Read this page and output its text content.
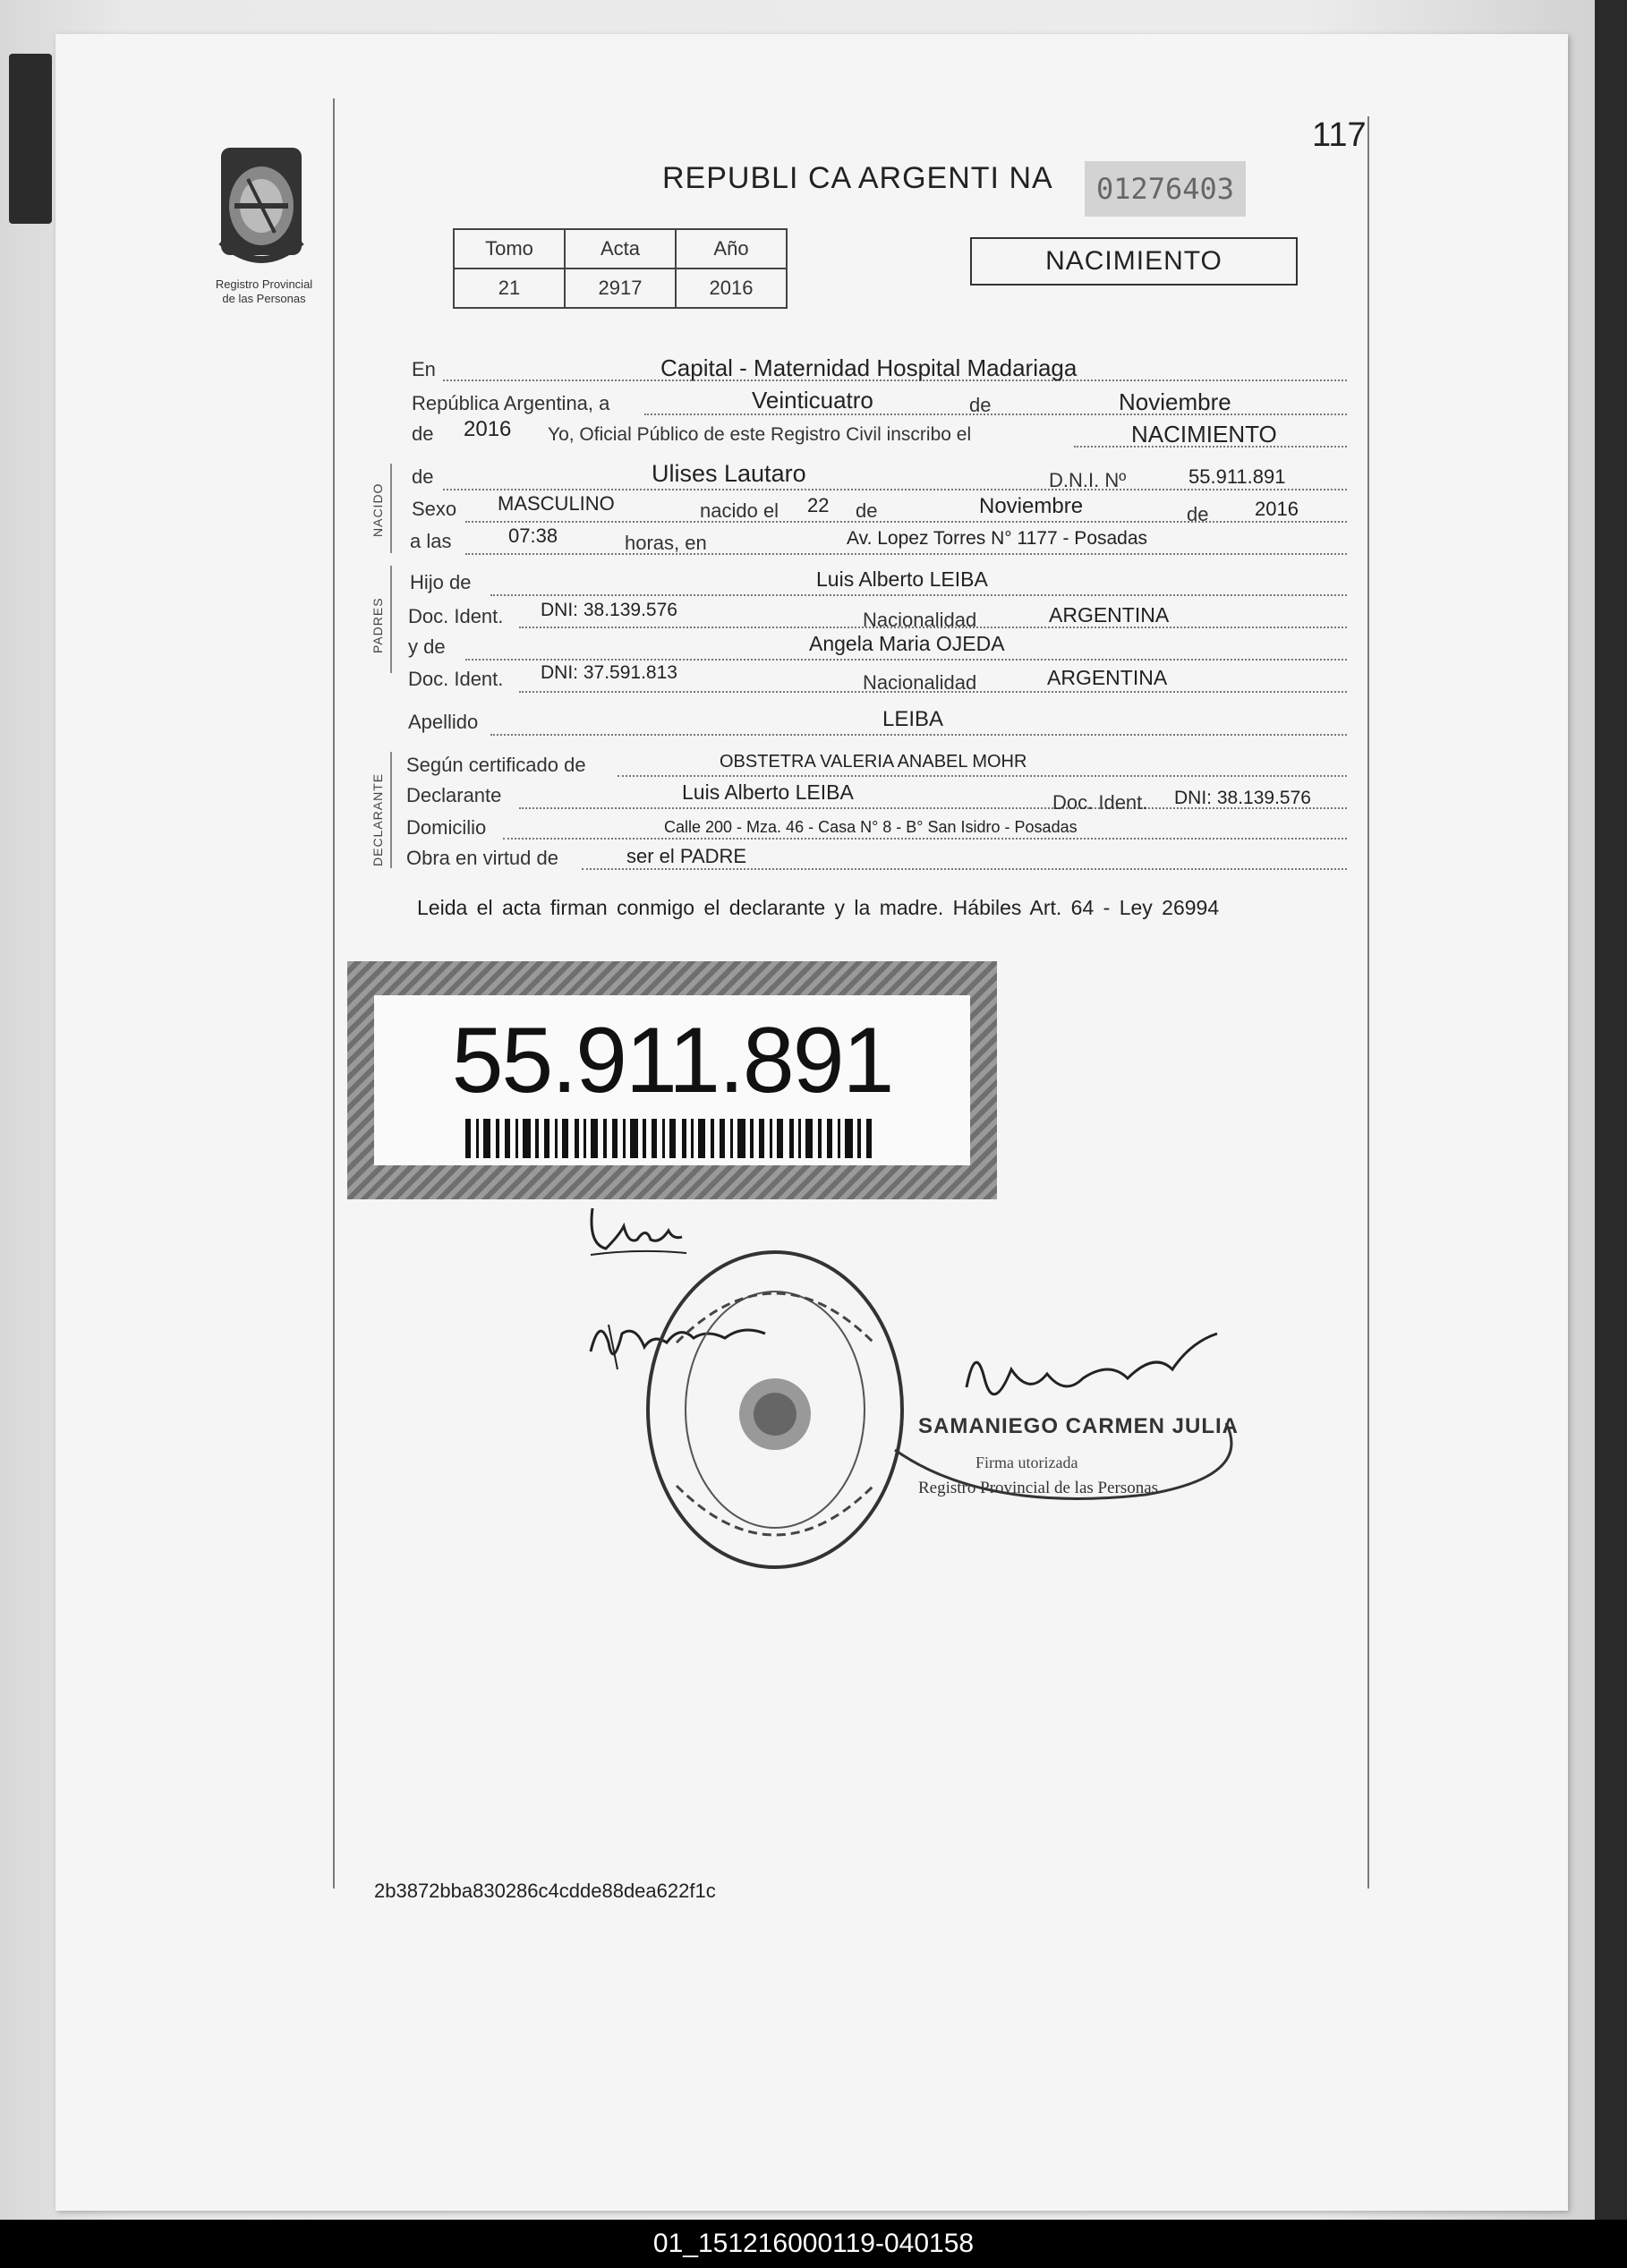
117
Registro Provincial
de las Personas
REPUBLI CA ARGENTI NA	01276403
Tomo	Acta	Año
21	2917	2016
NACIMIENTO
En	Capital - Maternidad Hospital Madariaga
República Argentina, a	Veinticuatro	de	Noviembre
de 2016 Yo, Oficial Público de este Registro Civil inscribo el	NACIMIENTO
NACIDO
de	Ulises Lautaro	D.N.I. Nº	55.911.891
Sexo MASCULINO	nacido el 22 de	Noviembre	de 2016
a las	07:38	horas, en	Av. Lopez Torres N° 1177 - Posadas
PADRES
Hijo de	Luis Alberto LEIBA
Doc. Ident. DNI: 38.139.576	Nacionalidad	ARGENTINA
y de	Angela Maria OJEDA
Doc. Ident. DNI: 37.591.813	Nacionalidad	ARGENTINA
Apellido	LEIBA
DECLARANTE
Según certificado de	OBSTETRA VALERIA ANABEL MOHR
Declarante	Luis Alberto LEIBA	Doc. Ident. DNI: 38.139.576
Domicilio	Calle 200 - Mza. 46 - Casa N° 8 - B° San Isidro - Posadas
Obra en virtud de	ser el PADRE
Leida el acta firman conmigo el declarante y la madre. Hábiles Art. 64 - Ley 26994
55.911.891
SAMANIEGO CARMEN JULIA
Firma utorizada
Registro Provincial de las Personas
2b3872bba830286c4cdde88dea622f1c
01_151216000119-040158
